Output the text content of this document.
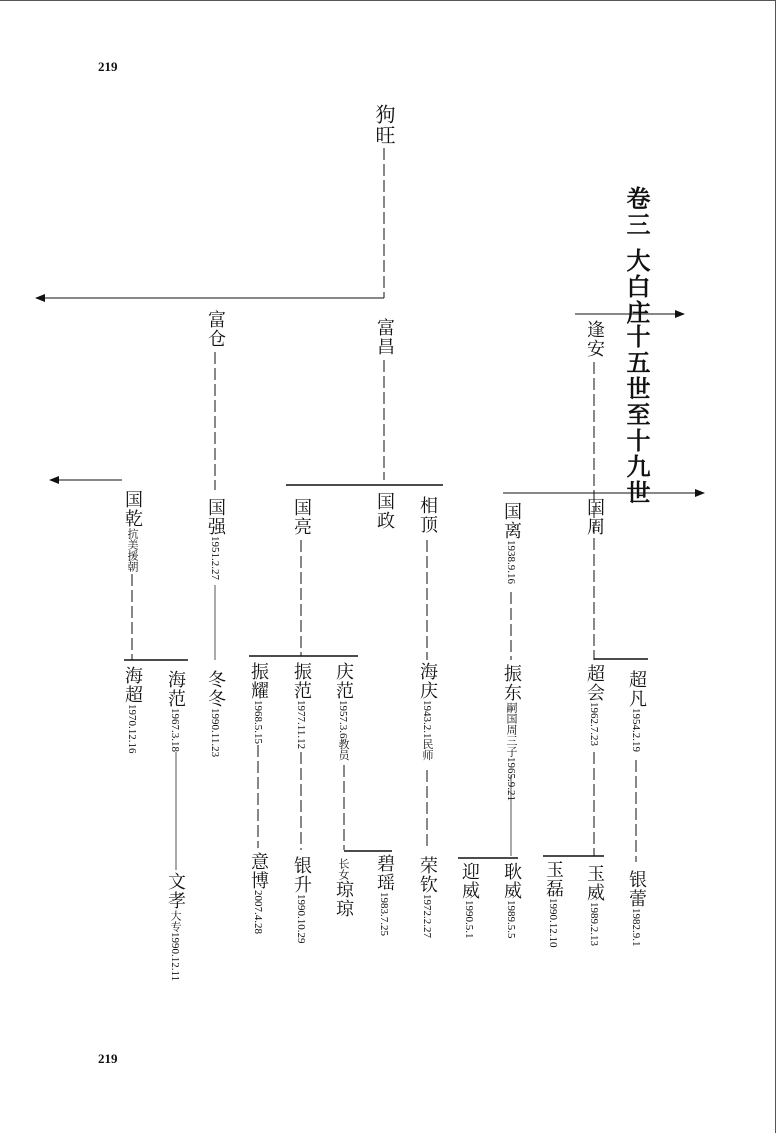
219
219
卷三
大白庄
十五世至十九世
狗旺
富仓	富昌	逢安
国乾抗美援朝
国强1951.2.27
国亮	国政 相顶	国离1938.9.16
国周
海超1970.12.16
海范1967.3.18
冬冬1990.11.23
振耀1968.5.15
振范1977.11.12
庆范1957.3.6教员
海庆1943.2.1民师
振东嗣国周三子1965.9.21
超会1962.7.23
超凡1954.2.19
文孝大专1990.12.11
意博2007.4.28
银升1990.10.29
长女琼琼
碧瑶1983.7.25
荣钦1972.2.27
迎威1990.5.1
耿威1989.5.5
玉磊1990.12.10
玉威1989.2.13
银蕾1982.9.1
